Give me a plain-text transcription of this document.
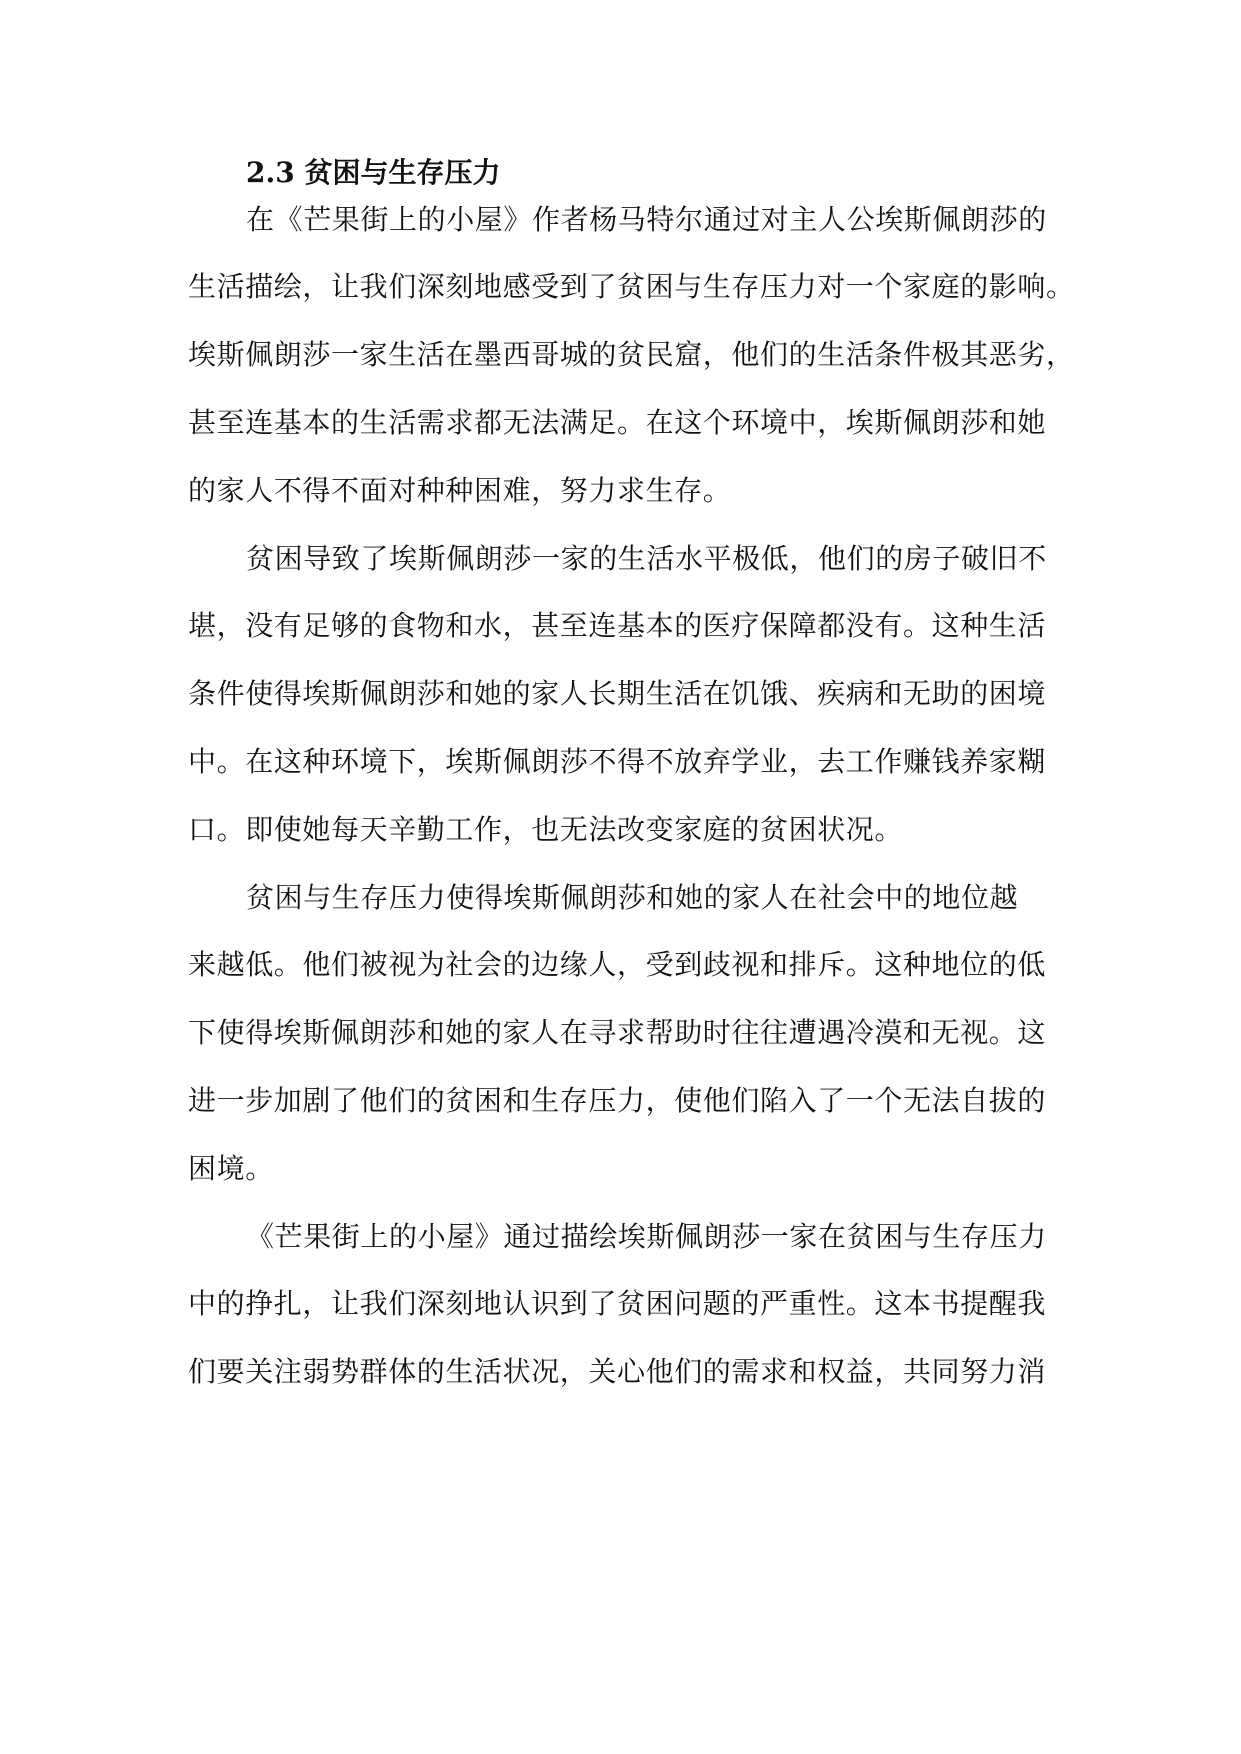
2.3 贫困与生存压力
在《芒果街上的小屋》作者杨马特尔通过对主人公埃斯佩朗莎的
生活描绘，让我们深刻地感受到了贫困与生存压力对一个家庭的影响。
埃斯佩朗莎一家生活在墨西哥城的贫民窟，他们的生活条件极其恶劣，
甚至连基本的生活需求都无法满足。在这个环境中，埃斯佩朗莎和她
的家人不得不面对种种困难，努力求生存。
贫困导致了埃斯佩朗莎一家的生活水平极低，他们的房子破旧不
堪，没有足够的食物和水，甚至连基本的医疗保障都没有。这种生活
条件使得埃斯佩朗莎和她的家人长期生活在饥饿、疾病和无助的困境
中。在这种环境下，埃斯佩朗莎不得不放弃学业，去工作赚钱养家糊
口。即使她每天辛勤工作，也无法改变家庭的贫困状况。
贫困与生存压力使得埃斯佩朗莎和她的家人在社会中的地位越
来越低。他们被视为社会的边缘人，受到歧视和排斥。这种地位的低
下使得埃斯佩朗莎和她的家人在寻求帮助时往往遭遇冷漠和无视。这
进一步加剧了他们的贫困和生存压力，使他们陷入了一个无法自拔的
困境。
《芒果街上的小屋》通过描绘埃斯佩朗莎一家在贫困与生存压力
中的挣扎，让我们深刻地认识到了贫困问题的严重性。这本书提醒我
们要关注弱势群体的生活状况，关心他们的需求和权益，共同努力消
